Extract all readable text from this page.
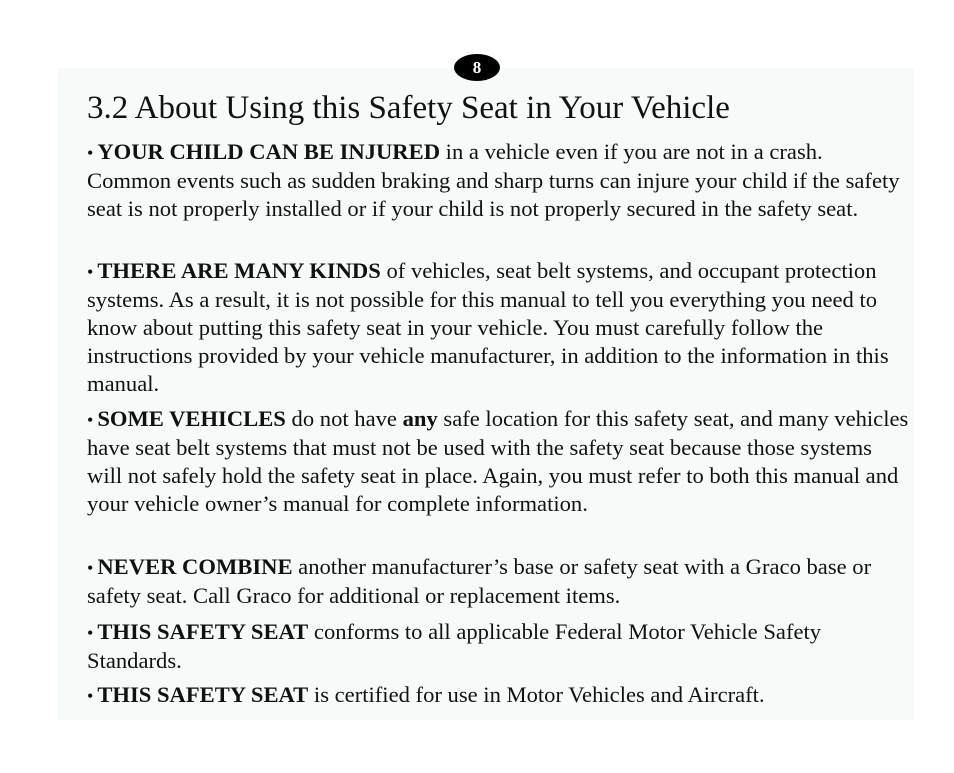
8
3.2 About Using this Safety Seat in Your Vehicle

• YOUR CHILD CAN BE INJURED in a vehicle even if you are not in a crash. Common events such as sudden braking and sharp turns can injure your child if the safety seat is not properly installed or if your child is not properly secured in the safety seat.

• THERE ARE MANY KINDS of vehicles, seat belt systems, and occupant protection systems. As a result, it is not possible for this manual to tell you everything you need to know about putting this safety seat in your vehicle. You must carefully follow the instructions provided by your vehicle manufacturer, in addition to the information in this manual.

• SOME VEHICLES do not have any safe location for this safety seat, and many vehicles have seat belt systems that must not be used with the safety seat because those systems will not safely hold the safety seat in place. Again, you must refer to both this manual and your vehicle owner’s manual for complete information.

• NEVER COMBINE another manufacturer’s base or safety seat with a Graco base or safety seat. Call Graco for additional or replacement items.

• THIS SAFETY SEAT conforms to all applicable Federal Motor Vehicle Safety Standards.

• THIS SAFETY SEAT is certified for use in Motor Vehicles and Aircraft.
